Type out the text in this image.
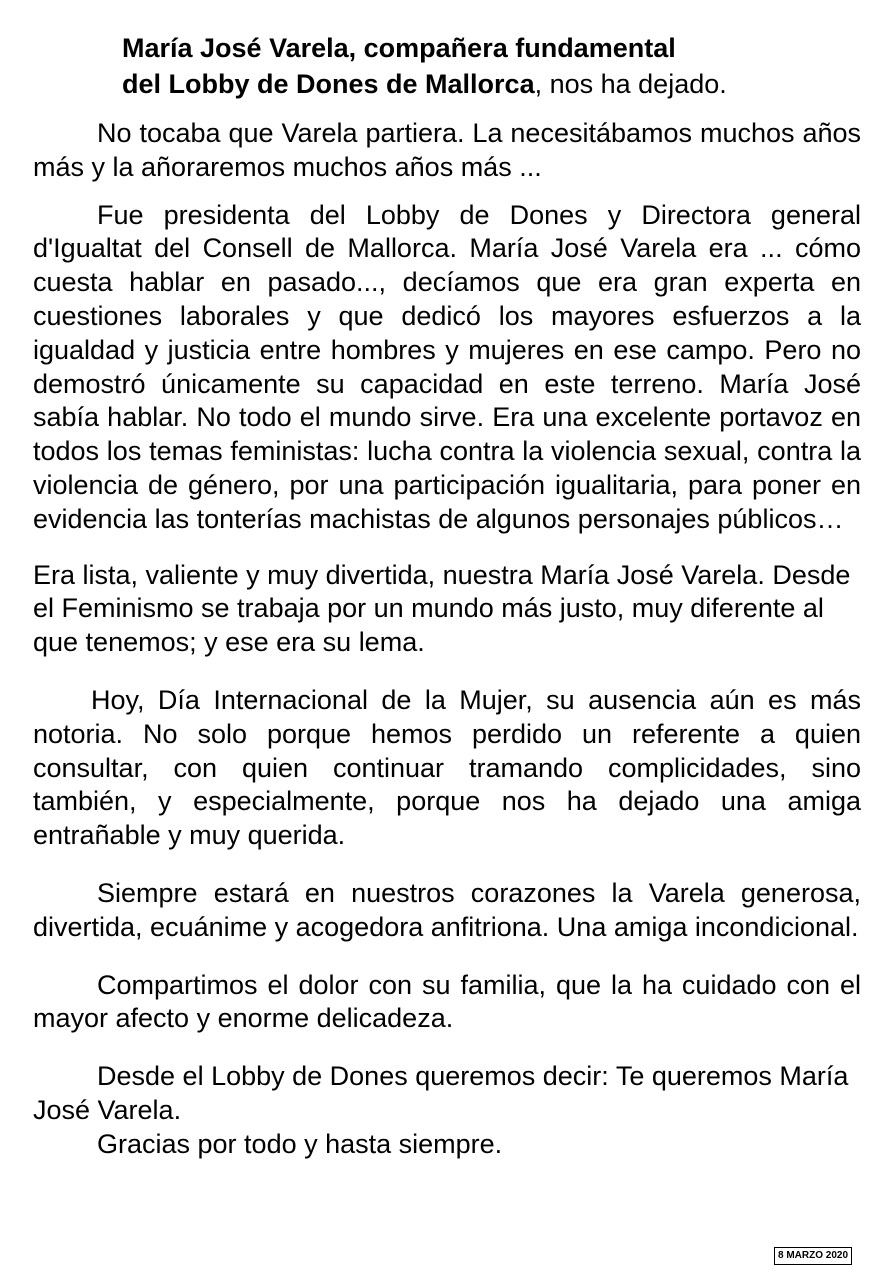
María José Varela, compañera fundamental
del Lobby de Dones de Mallorca, nos ha dejado.

No tocaba que Varela partiera. La necesitábamos muchos años más y la añoraremos muchos años más ...

Fue presidenta del Lobby de Dones y Directora general d'Igualtat del Consell de Mallorca. María José Varela era ... cómo cuesta hablar en pasado..., decíamos que era gran experta en cuestiones laborales y que dedicó los mayores esfuerzos a la igualdad y justicia entre hombres y mujeres en ese campo. Pero no demostró únicamente su capacidad en este terreno. María José sabía hablar. No todo el mundo sirve. Era una excelente portavoz en todos los temas feministas: lucha contra la violencia sexual, contra la violencia de género, por una participación igualitaria, para poner en evidencia las tonterías machistas de algunos personajes públicos…

Era lista, valiente y muy divertida, nuestra María José Varela. Desde el Feminismo se trabaja por un mundo más justo, muy diferente al que tenemos; y ese era su lema.

Hoy, Día Internacional de la Mujer, su ausencia aún es más notoria. No solo porque hemos perdido un referente a quien consultar, con quien continuar tramando complicidades, sino también, y especialmente, porque nos ha dejado una amiga entrañable y muy querida.

Siempre estará en nuestros corazones la Varela generosa, divertida, ecuánime y acogedora anfitriona. Una amiga incondicional.

Compartimos el dolor con su familia, que la ha cuidado con el mayor afecto y enorme delicadeza.

Desde el Lobby de Dones queremos decir: Te queremos María José Varela.

Gracias por todo y hasta siempre.

8 MARZO 2020
